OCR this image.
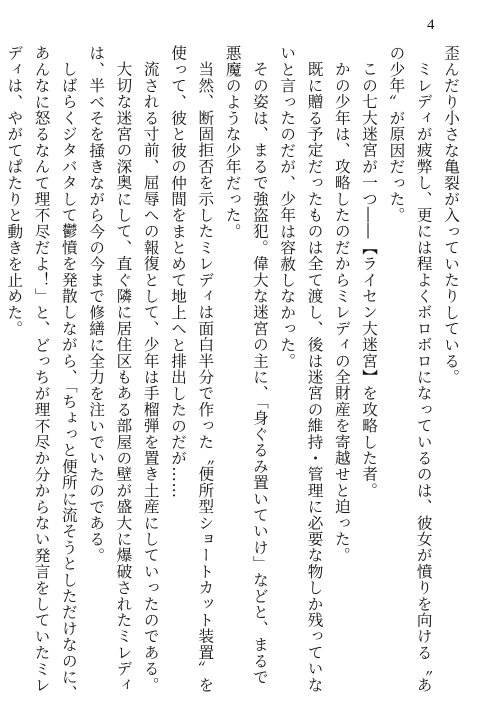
4
歪んだり小さな亀裂が入っていたりしている。
ミレディが疲弊し、更には程よくボロボロになっているのは、彼女が憤りを向ける〝あ
の少年〟が原因だった。
この七大迷宮が一つ――【ライセン大迷宮】を攻略した者。
かの少年は、攻略したのだからミレディの全財産を寄越せと迫った。
既に贈る予定だったものは全て渡し、後は迷宮の維持・管理に必要な物しか残っていな
いと言ったのだが、少年は容赦しなかった。
その姿は、まるで強盗犯。偉大な迷宮の主に、「身ぐるみ置いていけ」などと、まるで
悪魔のような少年だった。
当然、断固拒否を示したミレディは面白半分で作った〝便所型ショートカット装置〟を
使って、彼と彼の仲間をまとめて地上へと排出したのだが……
流される寸前、屈辱への報復として、少年は手榴弾を置き土産にしていったのである。
大切な迷宮の深奥にして、直ぐ隣に居住区もある部屋の壁が盛大に爆破されたミレディ
は、半べそを掻きながら今の今まで修繕に全力を注いでいたのである。
しばらくジタバタして鬱憤を発散しながら、「ちょっと便所に流そうとしただけなのに、
あんなに怒るなんて理不尽だよ！」と、どっちが理不尽か分からない発言をしていたミレ
ディは、やがてぱたりと動きを止めた。
